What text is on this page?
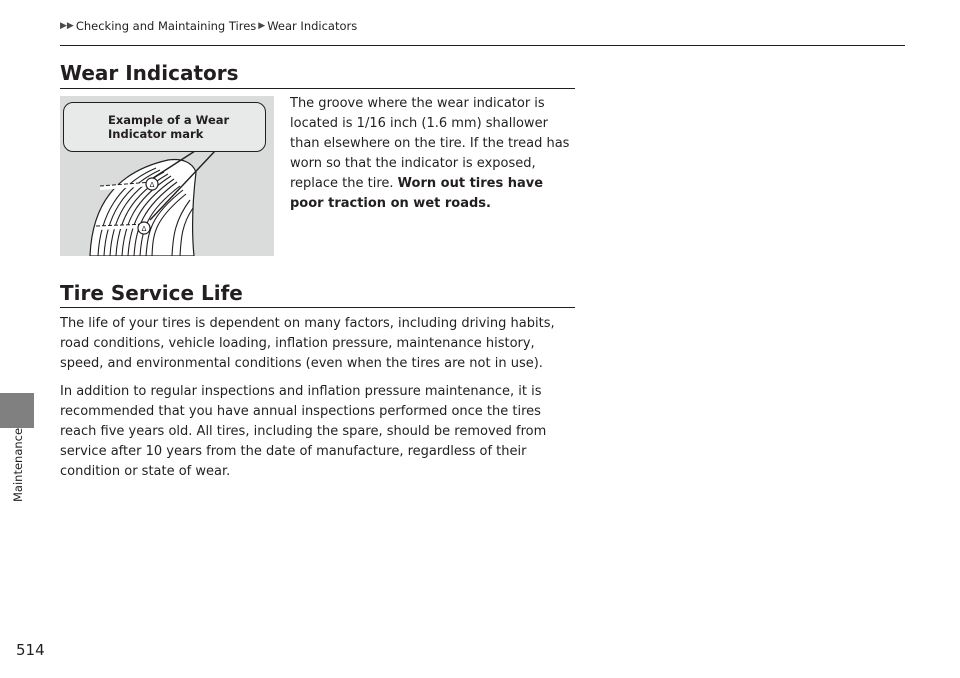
▶▶ Checking and Maintaining Tires ▶ Wear Indicators
Maintenance
Wear Indicators
Δ
Δ
Example of a Wear Indicator mark

The groove where the wear indicator is located is 1/16 inch (1.6 mm) shallower than elsewhere on the tire. If the tread has worn so that the indicator is exposed, replace the tire. Worn out tires have poor traction on wet roads.

Tire Service Life

The life of your tires is dependent on many factors, including driving habits, road conditions, vehicle loading, inflation pressure, maintenance history, speed, and environmental conditions (even when the tires are not in use).

In addition to regular inspections and inflation pressure maintenance, it is recommended that you have annual inspections performed once the tires reach five years old. All tires, including the spare, should be removed from service after 10 years from the date of manufacture, regardless of their condition or state of wear.

514
